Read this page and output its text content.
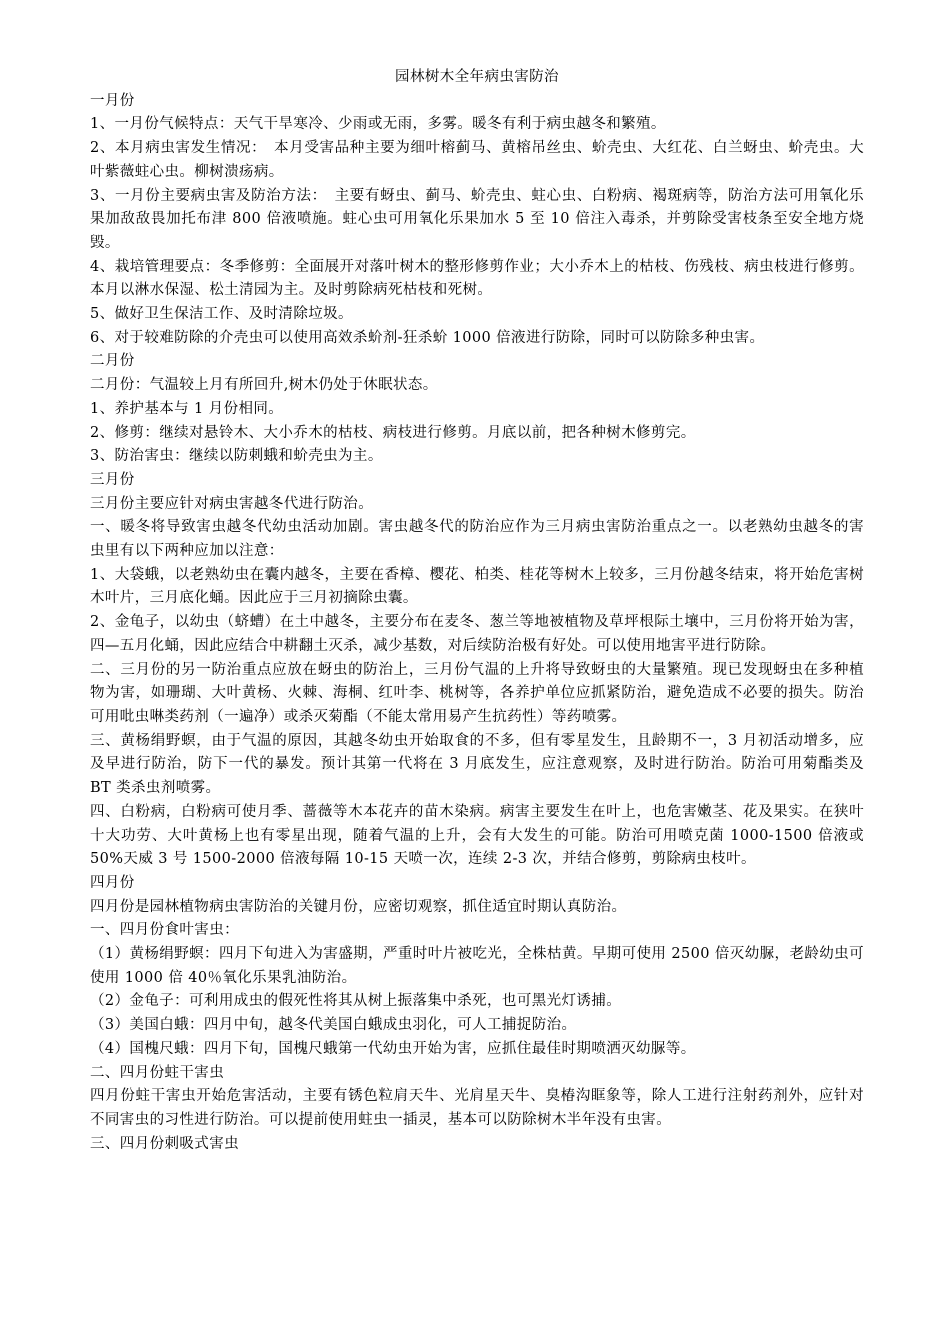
园林树木全年病虫害防治

一月份

1、一月份气候特点：天气干旱寒冷、少雨或无雨，多雾。暖冬有利于病虫越冬和繁殖。

2、本月病虫害发生情况：　本月受害品种主要为细叶榕蓟马、黄榕吊丝虫、蚧壳虫、大红花、白兰蚜虫、蚧壳虫。大叶紫薇蛀心虫。柳树溃疡病。

3、一月份主要病虫害及防治方法：　主要有蚜虫、蓟马、蚧壳虫、蛀心虫、白粉病、褐斑病等，防治方法可用氧化乐果加敌敌畏加托布津 800 倍液喷施。蛀心虫可用氧化乐果加水 5 至 10 倍注入毒杀，并剪除受害枝条至安全地方烧毁。

4、栽培管理要点：冬季修剪：全面展开对落叶树木的整形修剪作业；大小乔木上的枯枝、伤残枝、病虫枝进行修剪。本月以淋水保湿、松土清园为主。及时剪除病死枯枝和死树。

5、做好卫生保洁工作、及时清除垃圾。

6、对于较难防除的介壳虫可以使用高效杀蚧剂-狂杀蚧 1000 倍液进行防除，同时可以防除多种虫害。

二月份

二月份：气温较上月有所回升,树木仍处于休眠状态。

1、养护基本与 1 月份相同。

2、修剪：继续对悬铃木、大小乔木的枯枝、病枝进行修剪。月底以前，把各种树木修剪完。

3、防治害虫：继续以防刺蛾和蚧壳虫为主。

三月份

三月份主要应针对病虫害越冬代进行防治。

一、暖冬将导致害虫越冬代幼虫活动加剧。害虫越冬代的防治应作为三月病虫害防治重点之一。以老熟幼虫越冬的害虫里有以下两种应加以注意：

1、大袋蛾，以老熟幼虫在囊内越冬，主要在香樟、樱花、柏类、桂花等树木上较多，三月份越冬结束，将开始危害树木叶片，三月底化蛹。因此应于三月初摘除虫囊。

2、金龟子，以幼虫（蛴螬）在土中越冬，主要分布在麦冬、葱兰等地被植物及草坪根际土壤中，三月份将开始为害，四—五月化蛹，因此应结合中耕翻土灭杀，减少基数，对后续防治极有好处。可以使用地害平进行防除。

二、三月份的另一防治重点应放在蚜虫的防治上，三月份气温的上升将导致蚜虫的大量繁殖。现已发现蚜虫在多种植物为害，如珊瑚、大叶黄杨、火棘、海桐、红叶李、桃树等，各养护单位应抓紧防治，避免造成不必要的损失。防治可用吡虫啉类药剂（一遍净）或杀灭菊酯（不能太常用易产生抗药性）等药喷雾。

三、黄杨绢野螟，由于气温的原因，其越冬幼虫开始取食的不多，但有零星发生，且龄期不一，3 月初活动增多，应及早进行防治，防下一代的暴发。预计其第一代将在 3 月底发生，应注意观察，及时进行防治。防治可用菊酯类及 BT 类杀虫剂喷雾。

四、白粉病，白粉病可使月季、蔷薇等木本花卉的苗木染病。病害主要发生在叶上，也危害嫩茎、花及果实。在狭叶十大功劳、大叶黄杨上也有零星出现，随着气温的上升，会有大发生的可能。防治可用喷克菌 1000-1500 倍液或 50%天威 3 号 1500-2000 倍液每隔 10-15 天喷一次，连续 2-3 次，并结合修剪，剪除病虫枝叶。

四月份

四月份是园林植物病虫害防治的关键月份，应密切观察，抓住适宜时期认真防治。

一、四月份食叶害虫：

（1）黄杨绢野螟：四月下旬进入为害盛期，严重时叶片被吃光，全株枯黄。早期可使用 2500 倍灭幼脲，老龄幼虫可使用 1000 倍 40％氧化乐果乳油防治。

（2）金龟子：可利用成虫的假死性将其从树上振落集中杀死，也可黑光灯诱捕。

（3）美国白蛾：四月中旬，越冬代美国白蛾成虫羽化，可人工捕捉防治。

（4）国槐尺蛾：四月下旬，国槐尺蛾第一代幼虫开始为害，应抓住最佳时期喷洒灭幼脲等。

二、四月份蛀干害虫

四月份蛀干害虫开始危害活动，主要有锈色粒肩天牛、光肩星天牛、臭椿沟眶象等，除人工进行注射药剂外，应针对不同害虫的习性进行防治。可以提前使用蛀虫一插灵，基本可以防除树木半年没有虫害。

三、四月份刺吸式害虫
